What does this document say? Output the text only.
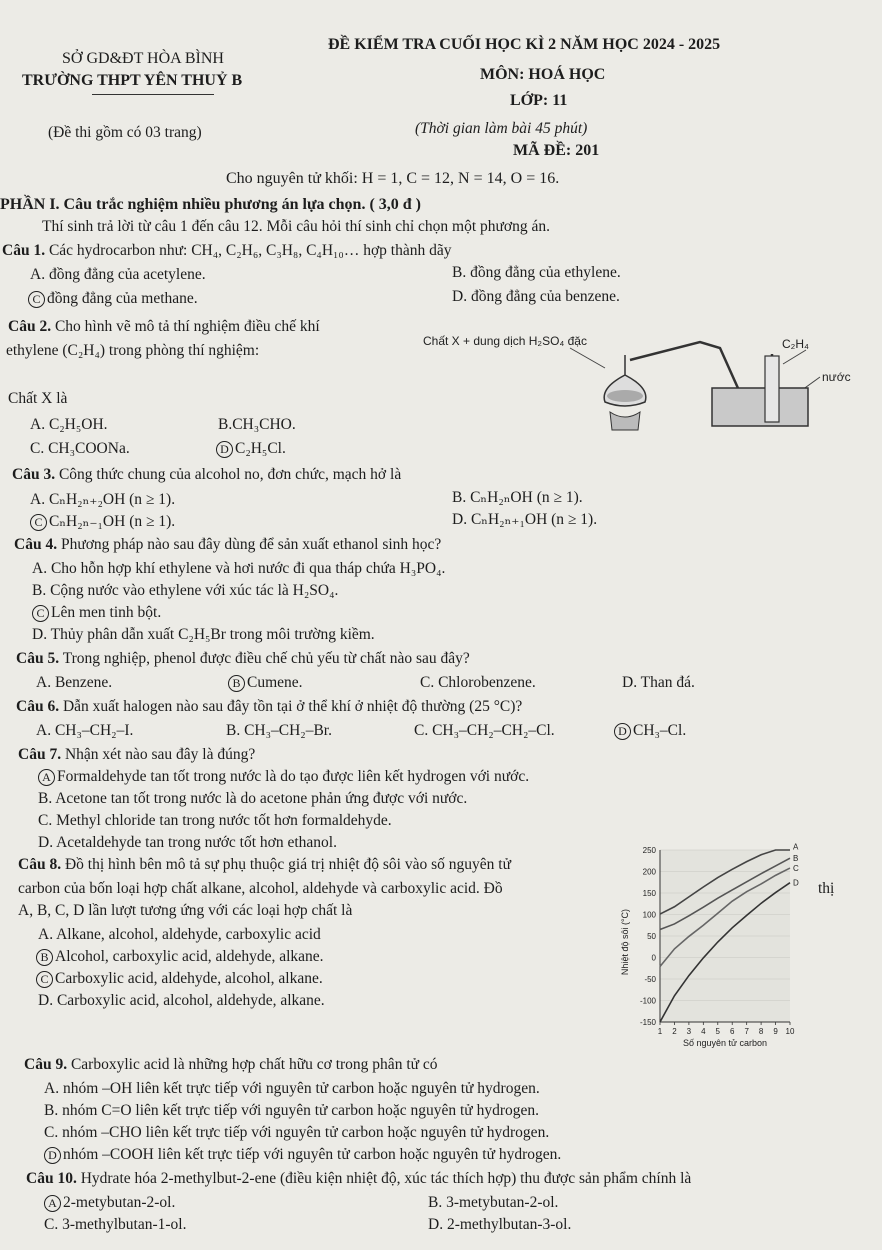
SỞ GD&ĐT HÒA BÌNH
TRƯỜNG THPT YÊN THUỶ B
(Đề thi gồm có 03 trang)
ĐỀ KIỂM TRA CUỐI HỌC KÌ 2 NĂM HỌC 2024 - 2025
MÔN: HOÁ HỌC
LỚP: 11
(Thời gian làm bài 45 phút)
MÃ ĐỀ: 201
Cho nguyên tử khối: H = 1, C = 12, N = 14, O = 16.
PHẦN I. Câu trắc nghiệm nhiều phương án lựa chọn. ( 3,0 đ )
Thí sinh trả lời từ câu 1 đến câu 12. Mỗi câu hỏi thí sinh chỉ chọn một phương án.
Câu 1. Các hydrocarbon như: CH₄, C₂H₆, C₃H₈, C₄H₁₀… hợp thành dãy
A. đồng đẳng của acetylene.	B. đồng đẳng của ethylene.
C đồng đẳng của methane.	D. đồng đẳng của benzene.
Câu 2. Cho hình vẽ mô tả thí nghiệm điều chế khí
ethylene (C₂H₄) trong phòng thí nghiệm:
Chất X là
A. C₂H₅OH.	B.CH₃CHO.
C. CH₃COONa.	D C₂H₅Cl.
Chất X + dung dịch H₂SO₄ đặc	C₂H₄
nước
Câu 3. Công thức chung của alcohol no, đơn chức, mạch hở là
A. CₙH₂ₙ₊₂OH (n ≥ 1).	B. CₙH₂ₙOH (n ≥ 1).
C CₙH₂ₙ₋₁OH (n ≥ 1).	D. CₙH₂ₙ₊₁OH (n ≥ 1).
Câu 4. Phương pháp nào sau đây dùng để sản xuất ethanol sinh học?
A. Cho hỗn hợp khí ethylene và hơi nước đi qua tháp chứa H₃PO₄.
B. Cộng nước vào ethylene với xúc tác là H₂SO₄.
C Lên men tinh bột.
D. Thủy phân dẫn xuất C₂H₅Br trong môi trường kiềm.
Câu 5. Trong nghiệp, phenol được điều chế chủ yếu từ chất nào sau đây?
A. Benzene.	B Cumene.	C. Chlorobenzene.	D. Than đá.
Câu 6. Dẫn xuất halogen nào sau đây tồn tại ở thể khí ở nhiệt độ thường (25 °C)?
A. CH₃–CH₂–I.	B. CH₃–CH₂–Br.	C. CH₃–CH₂–CH₂–Cl.	D CH₃–Cl.
Câu 7. Nhận xét nào sau đây là đúng?
A Formaldehyde tan tốt trong nước là do tạo được liên kết hydrogen với nước.
B. Acetone tan tốt trong nước là do acetone phản ứng được với nước.
C. Methyl chloride tan trong nước tốt hơn formaldehyde.
D. Acetaldehyde tan trong nước tốt hơn ethanol.
Câu 8. Đồ thị hình bên mô tả sự phụ thuộc giá trị nhiệt độ sôi vào số nguyên tử
carbon của bốn loại hợp chất alkane, alcohol, aldehyde và carboxylic acid. Đồ	thị
A, B, C, D lần lượt tương ứng với các loại hợp chất là
A. Alkane, alcohol, aldehyde, carboxylic acid
B Alcohol, carboxylic acid, aldehyde, alkane.
C Carboxylic acid, aldehyde, alcohol, alkane.
D. Carboxylic acid, alcohol, aldehyde, alkane.
Nhiệt độ sôi (°C)
Số nguyên tử carbon
250
200
150
100
50
0
-50
-100
-150
1 2 3 4 5 6 7 8 9 10
A
B
C
D
Câu 9. Carboxylic acid là những hợp chất hữu cơ trong phân tử có
A. nhóm –OH liên kết trực tiếp với nguyên tử carbon hoặc nguyên tử hydrogen.
B. nhóm C=O liên kết trực tiếp với nguyên tử carbon hoặc nguyên tử hydrogen.
C. nhóm –CHO liên kết trực tiếp với nguyên tử carbon hoặc nguyên tử hydrogen.
D nhóm –COOH liên kết trực tiếp với nguyên tử carbon hoặc nguyên tử hydrogen.
Câu 10. Hydrate hóa 2-methylbut-2-ene (điều kiện nhiệt độ, xúc tác thích hợp) thu được sản phẩm chính là
A 2-metybutan-2-ol.	B. 3-metybutan-2-ol.
C. 3-methylbutan-1-ol.	D. 2-methylbutan-3-ol.
